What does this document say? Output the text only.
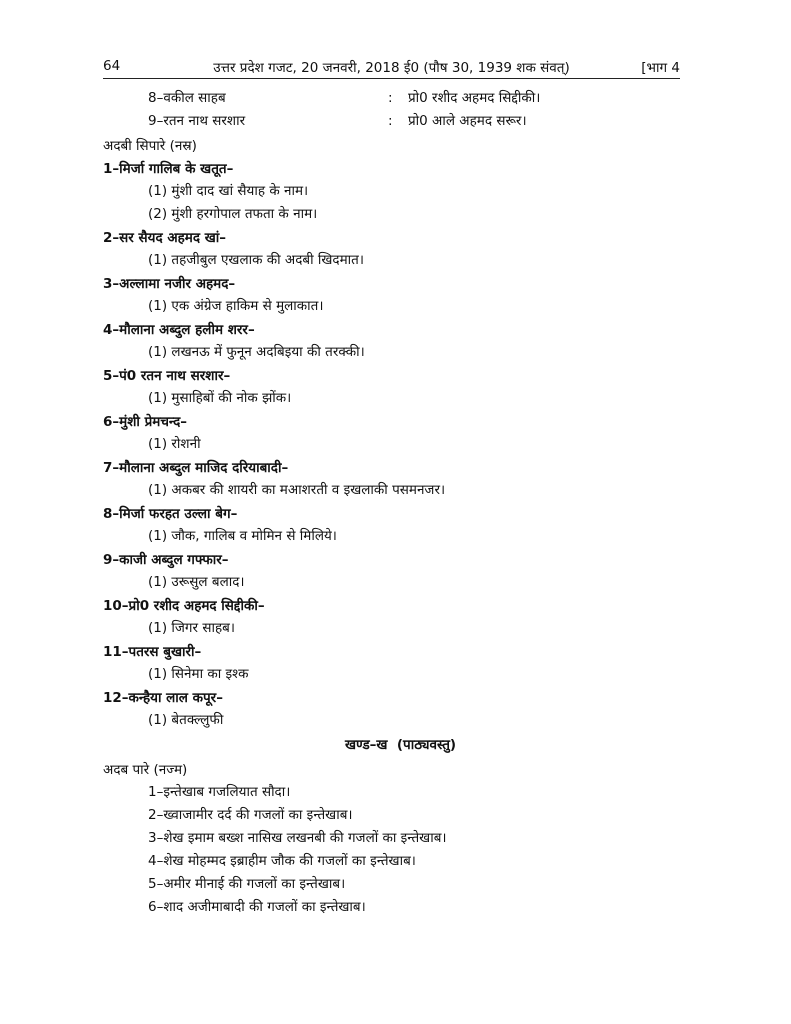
64	उत्तर प्रदेश गजट, 20 जनवरी, 2018 ई0 (पौष 30, 1939 शक संवत्)	[भाग 4
8–वकील साहब	: प्रो0 रशीद अहमद सिद्दीकी।
9–रतन नाथ सरशार	: प्रो0 आले अहमद सरूर।
अदबी सिपारे (नस्र)
1–मिर्जा गालिब के खतूत–
(1) मुंशी दाद खां सैयाह के नाम।
(2) मुंशी हरगोपाल तफता के नाम।
2–सर सैयद अहमद खां–
(1) तहजीबुल एखलाक की अदबी खिदमात।
3–अल्लामा नजीर अहमद–
(1) एक अंग्रेज हाकिम से मुलाकात।
4–मौलाना अब्दुल हलीम शरर–
(1) लखनऊ में फुनून अदबिइया की तरक्की।
5–पं0 रतन नाथ सरशार–
(1) मुसाहिबों की नोक झोंक।
6–मुंशी प्रेमचन्द–
(1) रोशनी
7–मौलाना अब्दुल माजिद दरियाबादी–
(1) अकबर की शायरी का मआशरती व इखलाकी पसमनजर।
8–मिर्जा फरहत उल्ला बेग–
(1) जौक, गालिब व मोमिन से मिलिये।
9–काजी अब्दुल गफ्फार–
(1) उरूसुल बलाद।
10–प्रो0 रशीद अहमद सिद्दीकी–
(1) जिगर साहब।
11–पतरस बुखारी–
(1) सिनेमा का इश्क
12–कन्हैया लाल कपूर–
(1) बेतक्ल्लुफी
खण्ड–ख  (पाठ्यवस्तु)
अदब पारे (नज्म)
1–इन्तेखाब गजलियात सौदा।
2–ख्वाजामीर दर्द की गजलों का इन्तेखाब।
3–शेख इमाम बख्श नासिख लखनबी की गजलों का इन्तेखाब।
4–शेख मोहम्मद इब्राहीम जौक की गजलों का इन्तेखाब।
5–अमीर मीनाई की गजलों का इन्तेखाब।
6–शाद अजीमाबादी की गजलों का इन्तेखाब।
